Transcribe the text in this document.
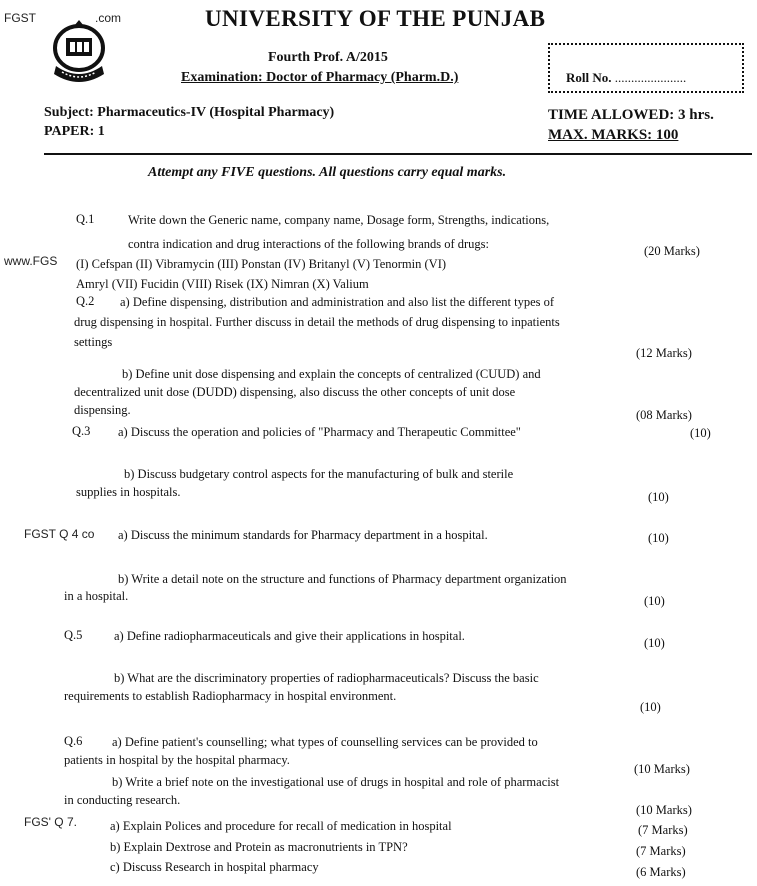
FGST	.com
www.FGS
UNIVERSITY OF THE PUNJAB
Fourth Prof. A/2015
Examination: Doctor of Pharmacy (Pharm.D.)	Roll No. ......................
Subject: Pharmaceutics-IV (Hospital Pharmacy)
PAPER: 1
TIME ALLOWED: 3 hrs.
MAX. MARKS: 100
Attempt any FIVE questions. All questions carry equal marks.
Q.1	Write down the Generic name, company name, Dosage form, Strengths, indications,
contra indication and drug interactions of the following brands of drugs:	(20 Marks)
(I) Cefspan (II) Vibramycin (III) Ponstan (IV) Britanyl (V) Tenormin (VI)
Amryl (VII) Fucidin (VIII) Risek (IX) Nimran (X) Valium
Q.2 a) Define dispensing, distribution and administration and also list the different types of
drug dispensing in hospital. Further discuss in detail the methods of drug dispensing to inpatients
settings
(12 Marks)
b) Define unit dose dispensing and explain the concepts of centralized (CUUD) and
decentralized unit dose (DUDD) dispensing, also discuss the other concepts of unit dose
dispensing.	(08 Marks)
Q.3 a) Discuss the operation and policies of "Pharmacy and Therapeutic Committee"	(10)
b) Discuss budgetary control aspects for the manufacturing of bulk and sterile
supplies in hospitals.	(10)
FGST Q 4 co a) Discuss the minimum standards for Pharmacy department in a hospital.	(10)
b) Write a detail note on the structure and functions of Pharmacy department organization
in a hospital.	(10)
Q.5	a) Define radiopharmaceuticals and give their applications in hospital.	(10)
b) What are the discriminatory properties of radiopharmaceuticals? Discuss the basic
requirements to establish Radiopharmacy in hospital environment.
(10)
Q.6 a) Define patient's counselling; what types of counselling services can be provided to
patients in hospital by the hospital pharmacy.
(10 Marks)
b) Write a brief note on the investigational use of drugs in hospital and role of pharmacist
in conducting research.
(10 Marks)
FGS' Q 7.	a) Explain Polices and procedure for recall of medication in hospital	(7 Marks)
b) Explain Dextrose and Protein as macronutrients in TPN?	(7 Marks)
c) Discuss Research in hospital pharmacy	(6 Marks)
